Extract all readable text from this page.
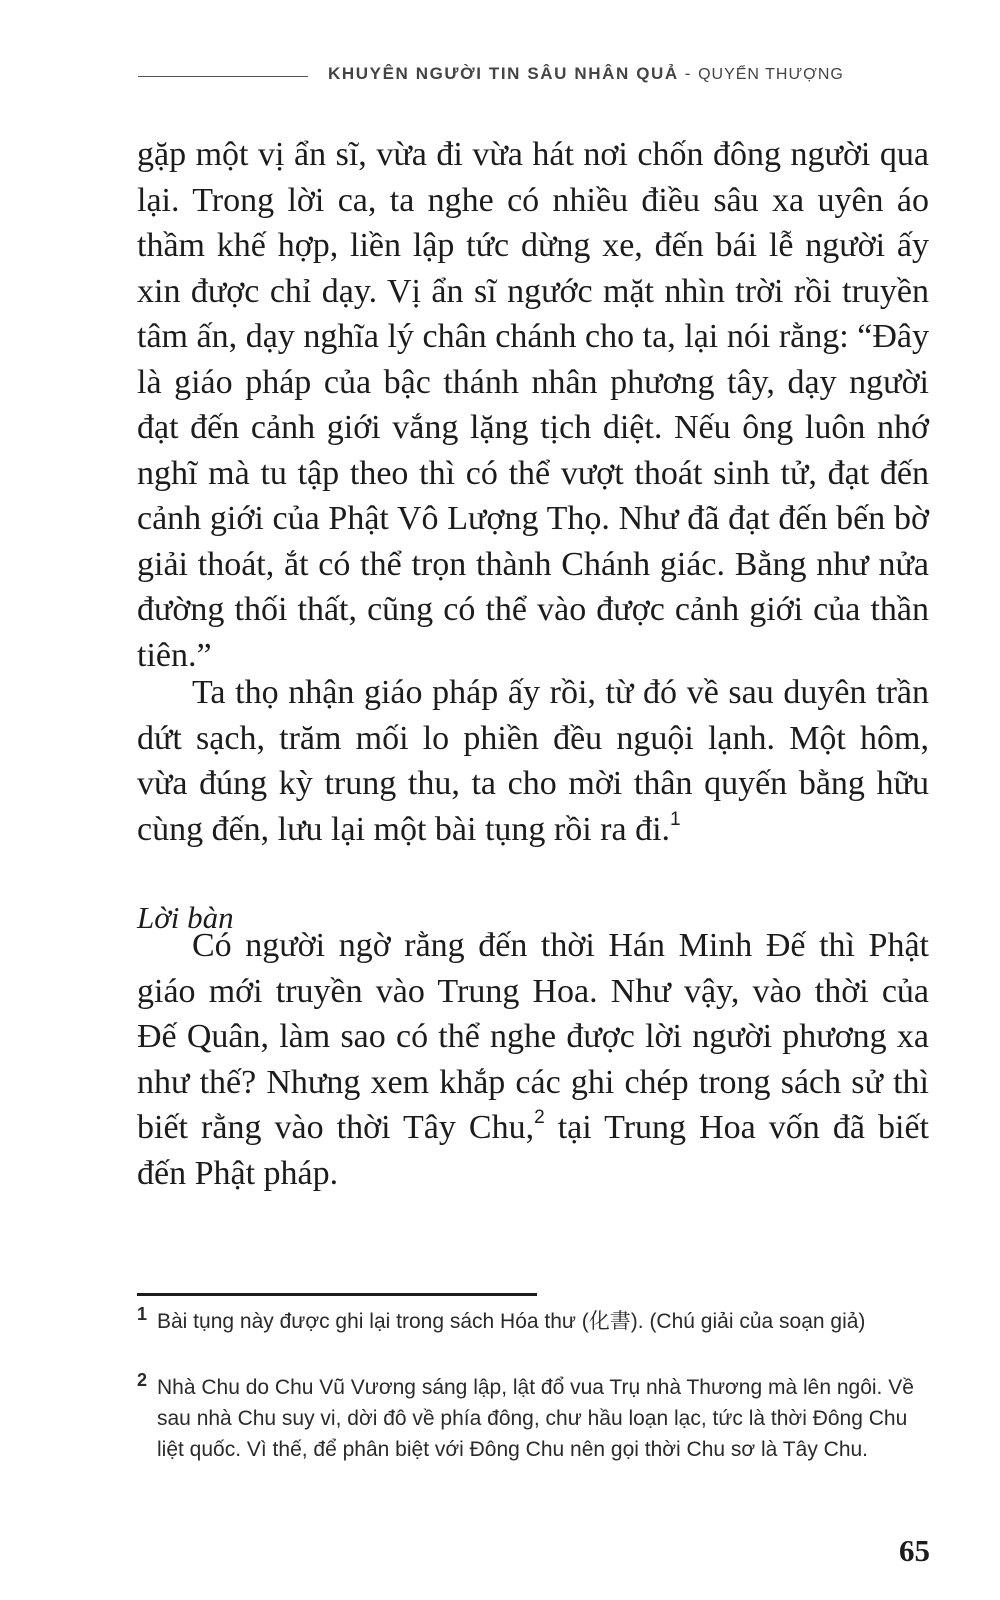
KHUYÊN NGƯỜI TIN SÂU NHÂN QUẢ - QUYỂN THƯỢNG

gặp một vị ẩn sĩ, vừa đi vừa hát nơi chốn đông người qua lại. Trong lời ca, ta nghe có nhiều điều sâu xa uyên áo thầm khế hợp, liền lập tức dừng xe, đến bái lễ người ấy xin được chỉ dạy. Vị ẩn sĩ ngước mặt nhìn trời rồi truyền tâm ấn, dạy nghĩa lý chân chánh cho ta, lại nói rằng: “Đây là giáo pháp của bậc thánh nhân phương tây, dạy người đạt đến cảnh giới vắng lặng tịch diệt. Nếu ông luôn nhớ nghĩ mà tu tập theo thì có thể vượt thoát sinh tử, đạt đến cảnh giới của Phật Vô Lượng Thọ. Như đã đạt đến bến bờ giải thoát, ắt có thể trọn thành Chánh giác. Bằng như nửa đường thối thất, cũng có thể vào được cảnh giới của thần tiên.”

Ta thọ nhận giáo pháp ấy rồi, từ đó về sau duyên trần dứt sạch, trăm mối lo phiền đều nguội lạnh. Một hôm, vừa đúng kỳ trung thu, ta cho mời thân quyến bằng hữu cùng đến, lưu lại một bài tụng rồi ra đi.$^1$

Lời bàn

Có người ngờ rằng đến thời Hán Minh Đế thì Phật giáo mới truyền vào Trung Hoa. Như vậy, vào thời của Đế Quân, làm sao có thể nghe được lời người phương xa như thế? Nhưng xem khắp các ghi chép trong sách sử thì biết rằng vào thời Tây Chu,$^2$ tại Trung Hoa vốn đã biết đến Phật pháp.

1 Bài tụng này được ghi lại trong sách Hóa thư (化書). (Chú giải của soạn giả)
2 Nhà Chu do Chu Vũ Vương sáng lập, lật đổ vua Trụ nhà Thương mà lên ngôi. Về sau nhà Chu suy vi, dời đô về phía đông, chư hầu loạn lạc, tức là thời Đông Chu liệt quốc. Vì thế, để phân biệt với Đông Chu nên gọi thời Chu sơ là Tây Chu.
65
